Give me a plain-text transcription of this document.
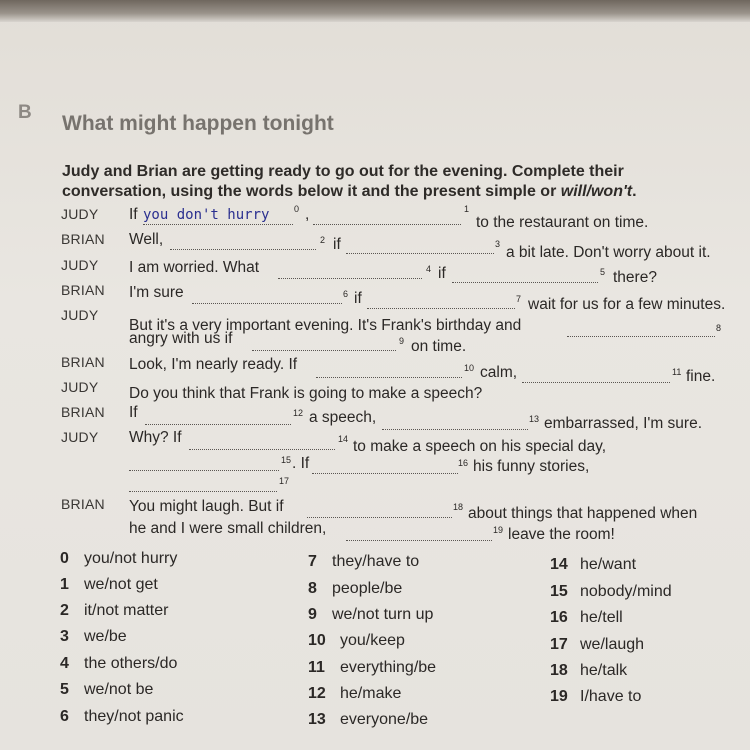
B What might happen tonight
Judy and Brian are getting ready to go out for the evening. Complete their conversation, using the words below it and the present simple or will/won't.
JUDY If you don't hurry	0 ,	1
to the restaurant on time.
BRIAN Well,	2 if	3 a bit late. Don't worry about it.
JUDY I am worried. What	4 if	5 there?
BRIAN I'm sure	6 if	7 wait for us for a few minutes.
JUDY
But it's a very important evening. It's Frank's birthday and	8
angry with us if	9 on time.
BRIAN Look, I'm nearly ready. If	10 calm,	11 fine.
JUDY Do you think that Frank is going to make a speech?
BRIAN If	12 a speech,	13 embarrassed, I'm sure.
JUDY Why? If	14 to make a speech on his special day,
15 . If	16 his funny stories,
17
BRIAN You might laugh. But if	18 about things that happened when
he and I were small children,	19 leave the room!
0 you/not hurry
1 we/not get
2 it/not matter
3 we/be
4 the others/do
5 we/not be
6 they/not panic
7 they/have to
8 people/be
9 we/not turn up
10 you/keep
11 everything/be
12 he/make
13 everyone/be
14 he/want
15 nobody/mind
16 he/tell
17 we/laugh
18 he/talk
19 I/have to
